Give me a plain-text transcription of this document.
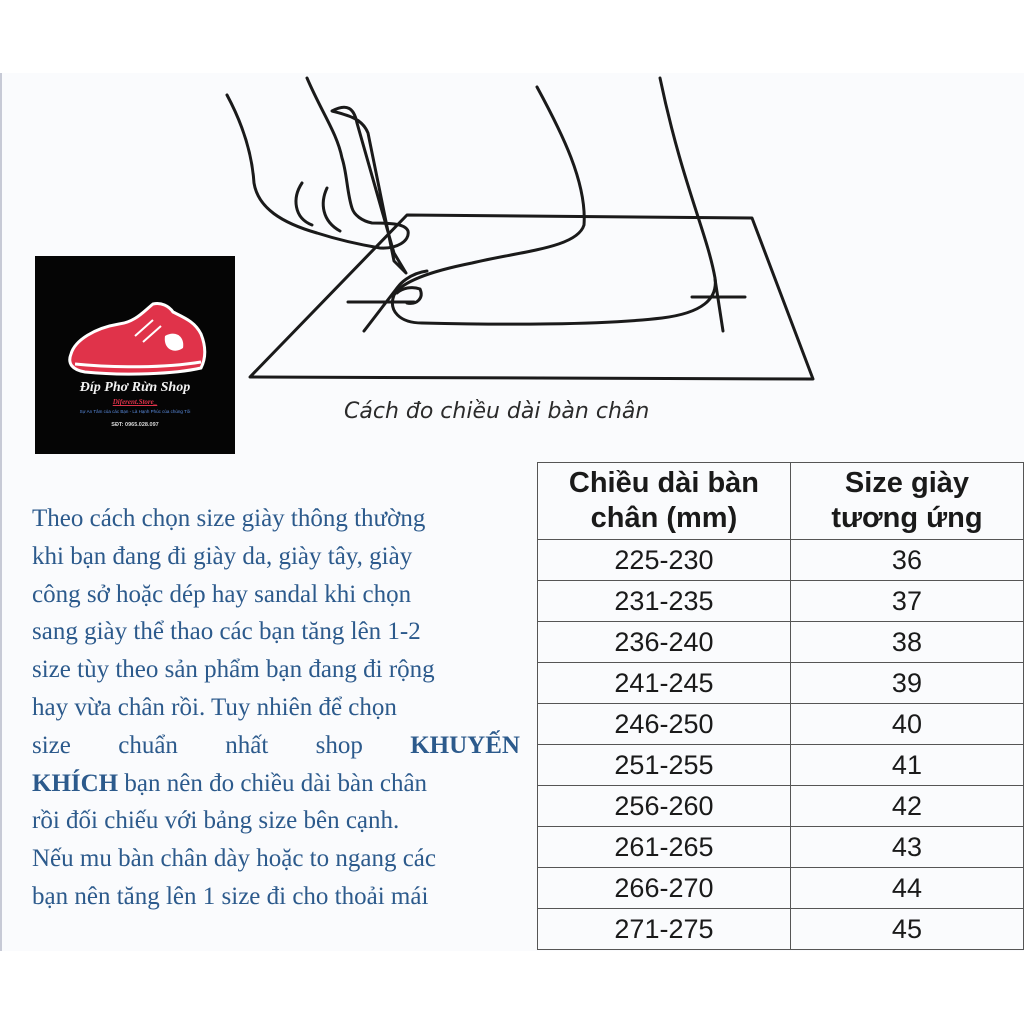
Cách đo chiều dài bàn chân
Đíp Phơ Rừn Shop
Diferent.Store_
Sự An Tâm của các Bạn - Là Hạnh Phúc của chúng Tôi
SĐT: 0965.028.097
Theo cách chọn size giày thông thường
khi bạn đang đi giày da, giày tây, giày
công sở hoặc dép hay sandal khi chọn
sang giày thể thao các bạn tăng lên 1-2
size tùy theo sản phẩm bạn đang đi rộng
hay vừa chân rồi. Tuy nhiên để chọn
size chuẩn nhất shop KHUYẾN
KHÍCH bạn nên đo chiều dài bàn chân
rồi đối chiếu với bảng size bên cạnh.
Nếu mu bàn chân dày hoặc to ngang các
bạn nên tăng lên 1 size đi cho thoải mái
Chiều dài bàn
chân (mm)	Size giày
tương ứng
225-230	36
231-235	37
236-240	38
241-245	39
246-250	40
251-255	41
256-260	42
261-265	43
266-270	44
271-275	45
